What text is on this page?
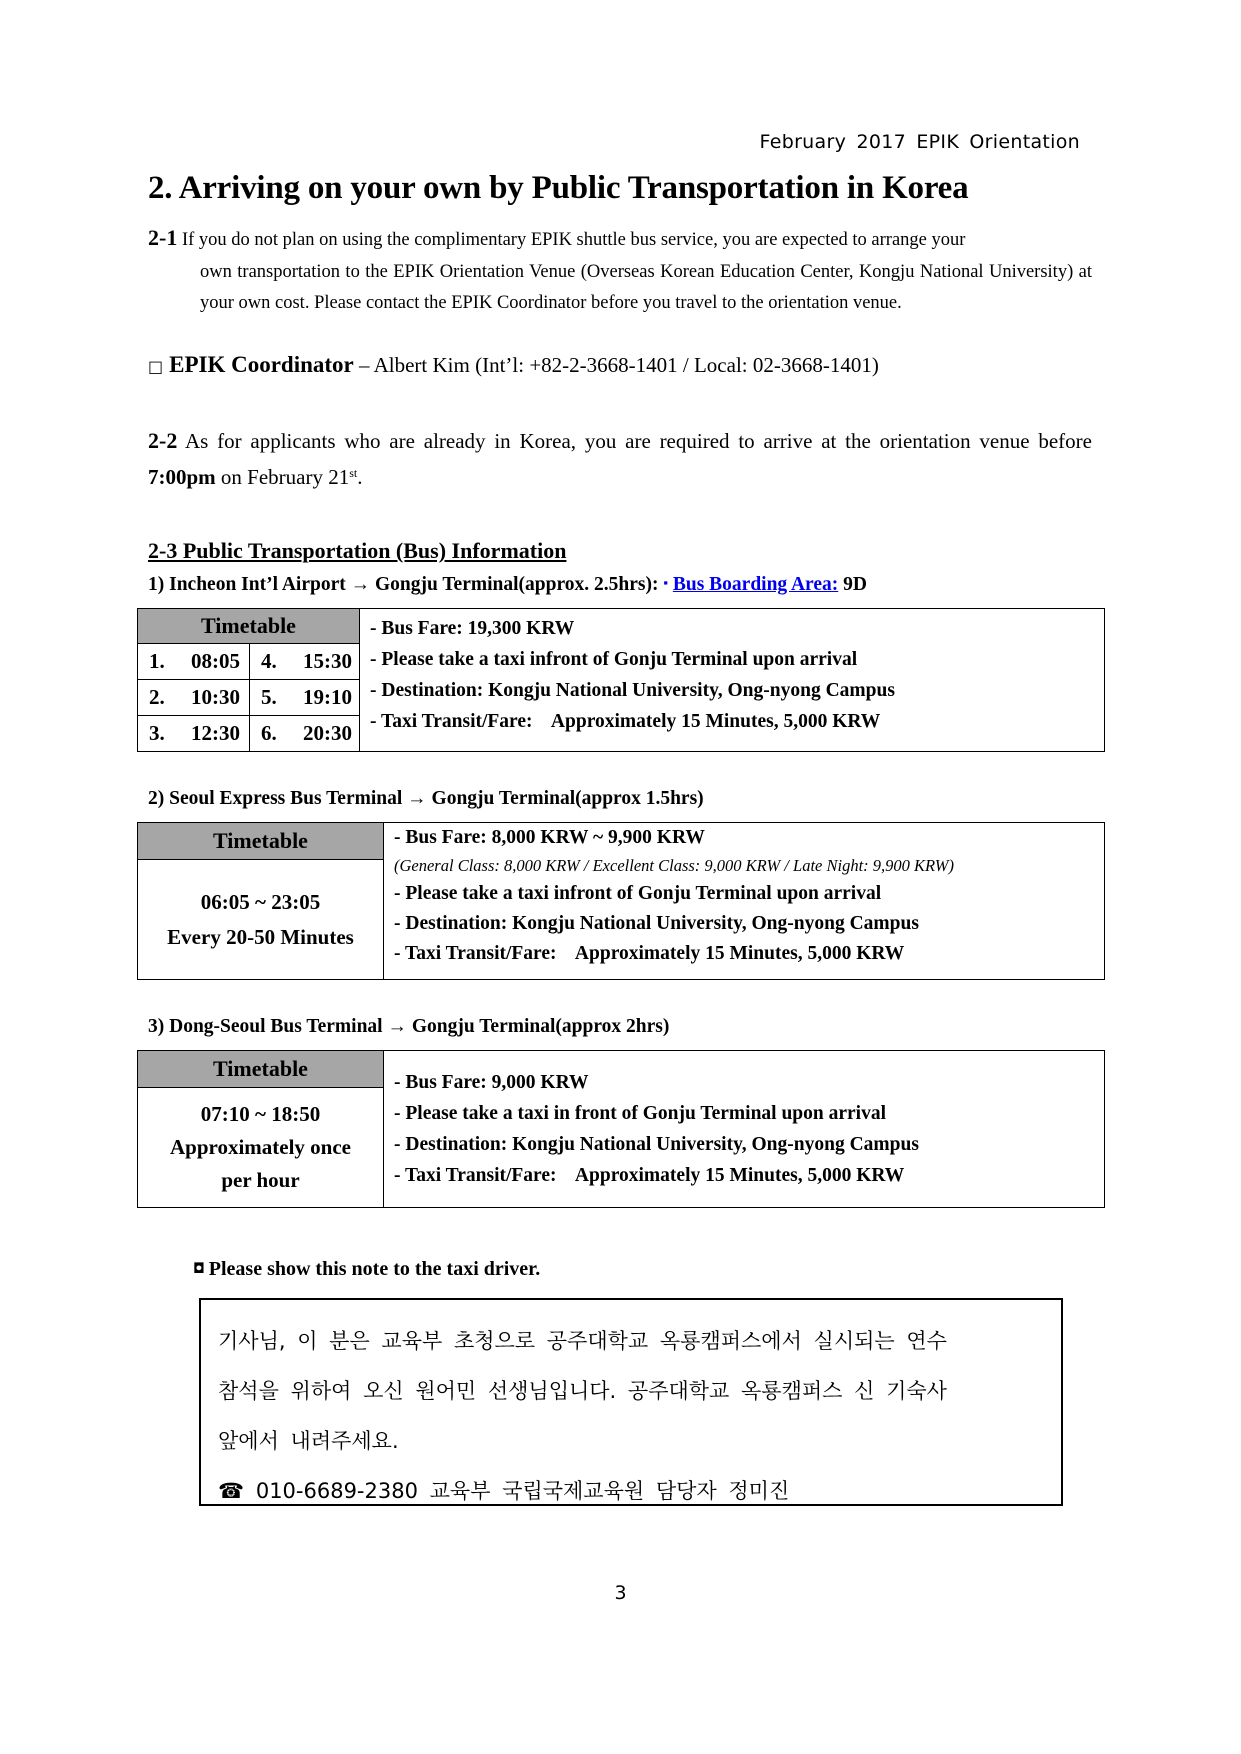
February 2017 EPIK Orientation
2. Arriving on your own by Public Transportation in Korea
2-1 If you do not plan on using the complimentary EPIK shuttle bus service, you are expected to arrange your
own transportation to the EPIK Orientation Venue (Overseas Korean Education Center, Kongju National University) at your own cost. Please contact the EPIK Coordinator before you travel to the orientation venue.
□ EPIK Coordinator – Albert Kim (Int’l: +82-2-3668-1401 / Local: 02-3668-1401)
2-2 As for applicants who are already in Korea, you are required to arrive at the orientation venue before 7:00pm on February 21st.
2-3 Public Transportation (Bus) Information
1) Incheon Int’l Airport → Gongju Terminal(approx. 2.5hrs): ▪ Bus Boarding Area: 9D
Timetable		- Bus Fare: 19,300 KRW
- Please take a taxi infront of Gonju Terminal upon arrival
- Destination: Kongju National University, Ong-nyong Campus
- Taxi Transit/Fare:    Approximately 15 Minutes, 5,000 KRW

1. 08:05	4. 15:30	
2. 10:30	5. 19:10	
3. 12:30	6. 20:30	
2) Seoul Express Bus Terminal → Gongju Terminal(approx 1.5hrs)
Timetable	- Bus Fare: 8,000 KRW ~ 9,900 KRW
(General Class: 8,000 KRW / Excellent Class: 9,000 KRW / Late Night: 9,900 KRW)
- Please take a taxi infront of Gonju Terminal upon arrival
- Destination: Kongju National University, Ong-nyong Campus
- Taxi Transit/Fare:    Approximately 15 Minutes, 5,000 KRW

06:05 ~ 23:05
Every 20-50 Minutes
3) Dong-Seoul Bus Terminal → Gongju Terminal(approx 2hrs)
Timetable	
- Bus Fare: 9,000 KRW
- Please take a taxi in front of Gonju Terminal upon arrival
- Destination: Kongju National University, Ong-nyong Campus
- Taxi Transit/Fare:    Approximately 15 Minutes, 5,000 KRW

07:10 ~ 18:50
Approximately once
per hour
◘ Please show this note to the taxi driver.
기사님, 이 분은 교육부 초청으로 공주대학교 옥룡캠퍼스에서 실시되는 연수
참석을 위하여 오신 원어민 선생님입니다. 공주대학교 옥룡캠퍼스 신 기숙사
앞에서 내려주세요.
☎ 010-6689-2380 교육부 국립국제교육원 담당자 정미진
3
